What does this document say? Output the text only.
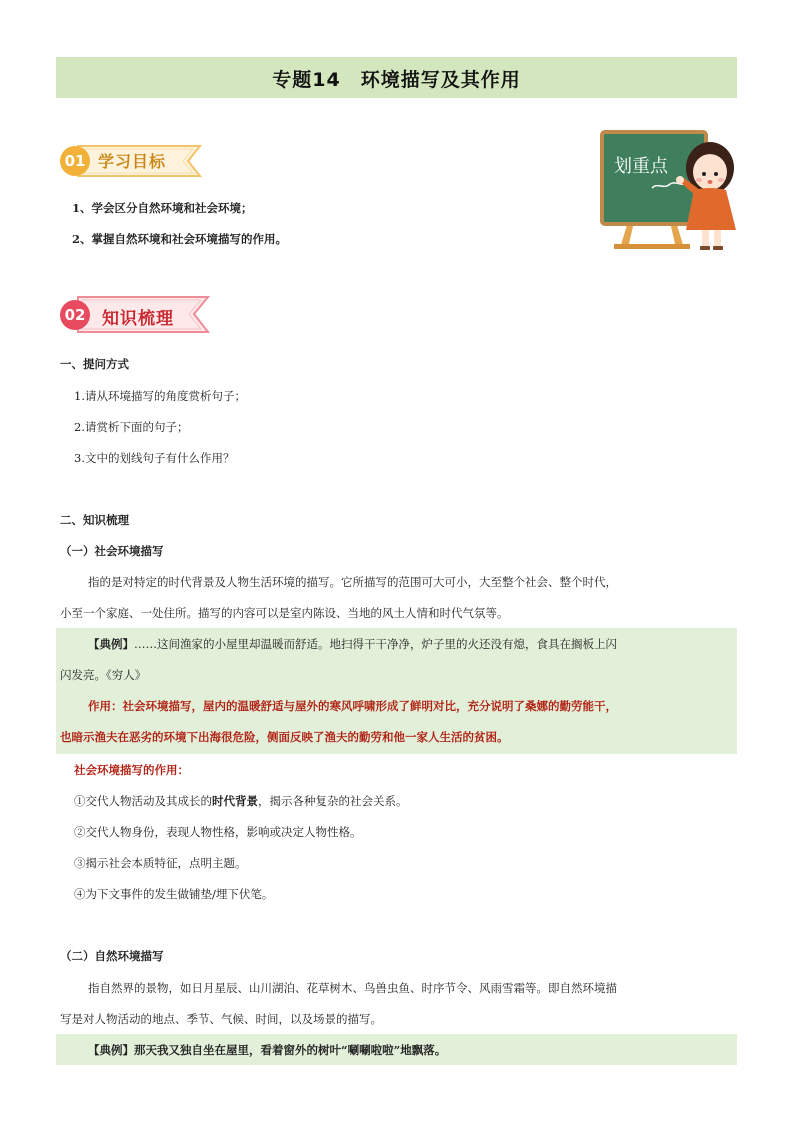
专题14　环境描写及其作用
01 学习目标
1、学会区分自然环境和社会环境；
2、掌握自然环境和社会环境描写的作用。
划重点
02 知识梳理
一、提问方式
1.请从环境描写的角度赏析句子；
2.请赏析下面的句子；
3.文中的划线句子有什么作用？
二、知识梳理
（一）社会环境描写
指的是对特定的时代背景及人物生活环境的描写。它所描写的范围可大可小，大至整个社会、整个时代，
小至一个家庭、一处住所。描写的内容可以是室内陈设、当地的风土人情和时代气氛等。
【典例】……这间渔家的小屋里却温暖而舒适。地扫得干干净净，炉子里的火还没有熄，食具在搁板上闪
闪发亮。《穷人》
作用：社会环境描写，屋内的温暖舒适与屋外的寒风呼啸形成了鲜明对比，充分说明了桑娜的勤劳能干，
也暗示渔夫在恶劣的环境下出海很危险，侧面反映了渔夫的勤劳和他一家人生活的贫困。
社会环境描写的作用：
①交代人物活动及其成长的时代背景，揭示各种复杂的社会关系。
②交代人物身份，表现人物性格，影响或决定人物性格。
③揭示社会本质特征，点明主题。
④为下文事件的发生做铺垫/埋下伏笔。
（二）自然环境描写
指自然界的景物，如日月星辰、山川湖泊、花草树木、鸟兽虫鱼、时序节令、风雨雪霜等。即自然环境描
写是对人物活动的地点、季节、气候、时间，以及场景的描写。
【典例】那天我又独自坐在屋里，看着窗外的树叶“唰唰啦啦”地飘落。
